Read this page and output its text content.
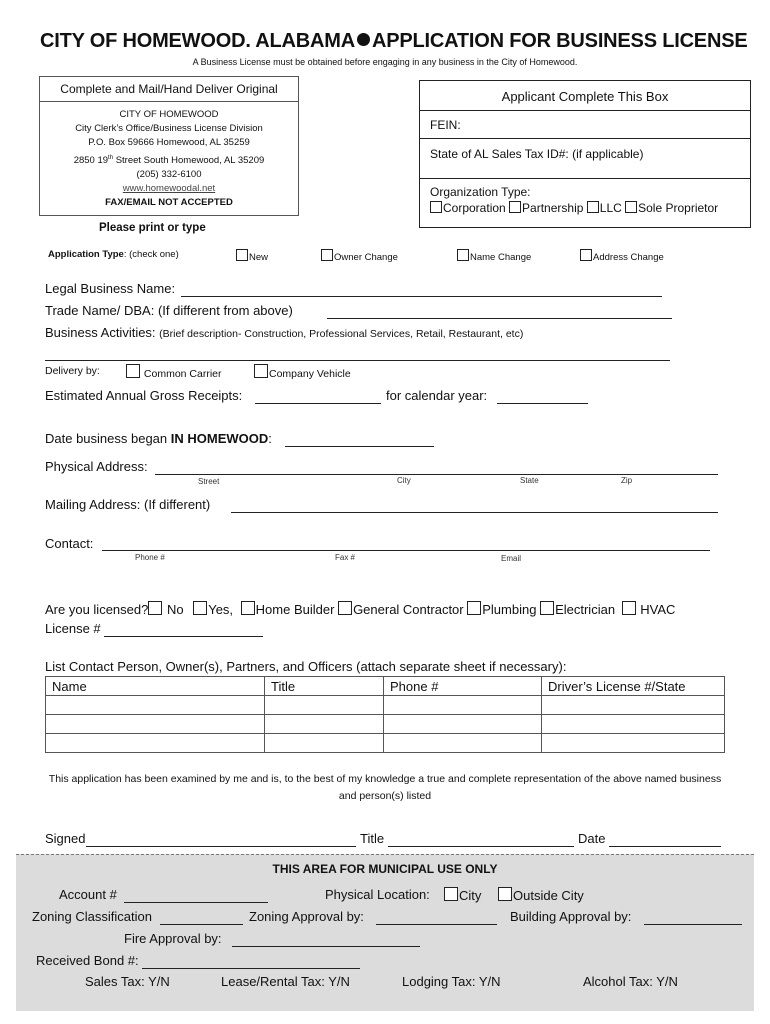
CITY OF HOMEWOOD. ALABAMA APPLICATION FOR BUSINESS LICENSE
A Business License must be obtained before engaging in any business in the City of Homewood.
Complete and Mail/Hand Deliver Original
CITY OF HOMEWOOD
City Clerk’s Office/Business License Division
P.O. Box 59666 Homewood, AL 35259
2850 19th Street South Homewood, AL 35209
(205) 332-6100
www.homewoodal.net
FAX/EMAIL NOT ACCEPTED
Please print or type
Applicant Complete This Box
FEIN:
State of AL Sales Tax ID#: (if applicable)
Organization Type:
Corporation Partnership LLC Sole Proprietor
Application Type: (check one)	New	Owner Change	Name Change	Address Change
Legal Business Name:
Trade Name/ DBA: (If different from above)
Business Activities: (Brief description- Construction, Professional Services, Retail, Restaurant, etc)
Delivery by:	Common Carrier	Company Vehicle
Estimated Annual Gross Receipts:	for calendar year:
Date business began IN HOMEWOOD:
Physical Address:
Street	City	State	Zip
Mailing Address: (If different)
Contact:
Phone #	Fax #	Email
Are you licensed? No Yes, Home Builder General Contractor Plumbing Electrician HVAC
License #
List Contact Person, Owner(s), Partners, and Officers (attach separate sheet if necessary):
Name	Title	Phone #	Driver’s License #/State

This application has been examined by me and is, to the best of my knowledge a true and complete representation of the above named business and person(s) listed
Signed	Title	Date
THIS AREA FOR MUNICIPAL USE ONLY
Account #	Physical Location:	City	Outside City
Zoning Classification	Zoning Approval by:	Building Approval by:
Fire Approval by:
Received Bond #:
Sales Tax: Y/N	Lease/Rental Tax: Y/N	Lodging Tax: Y/N	Alcohol Tax: Y/N
